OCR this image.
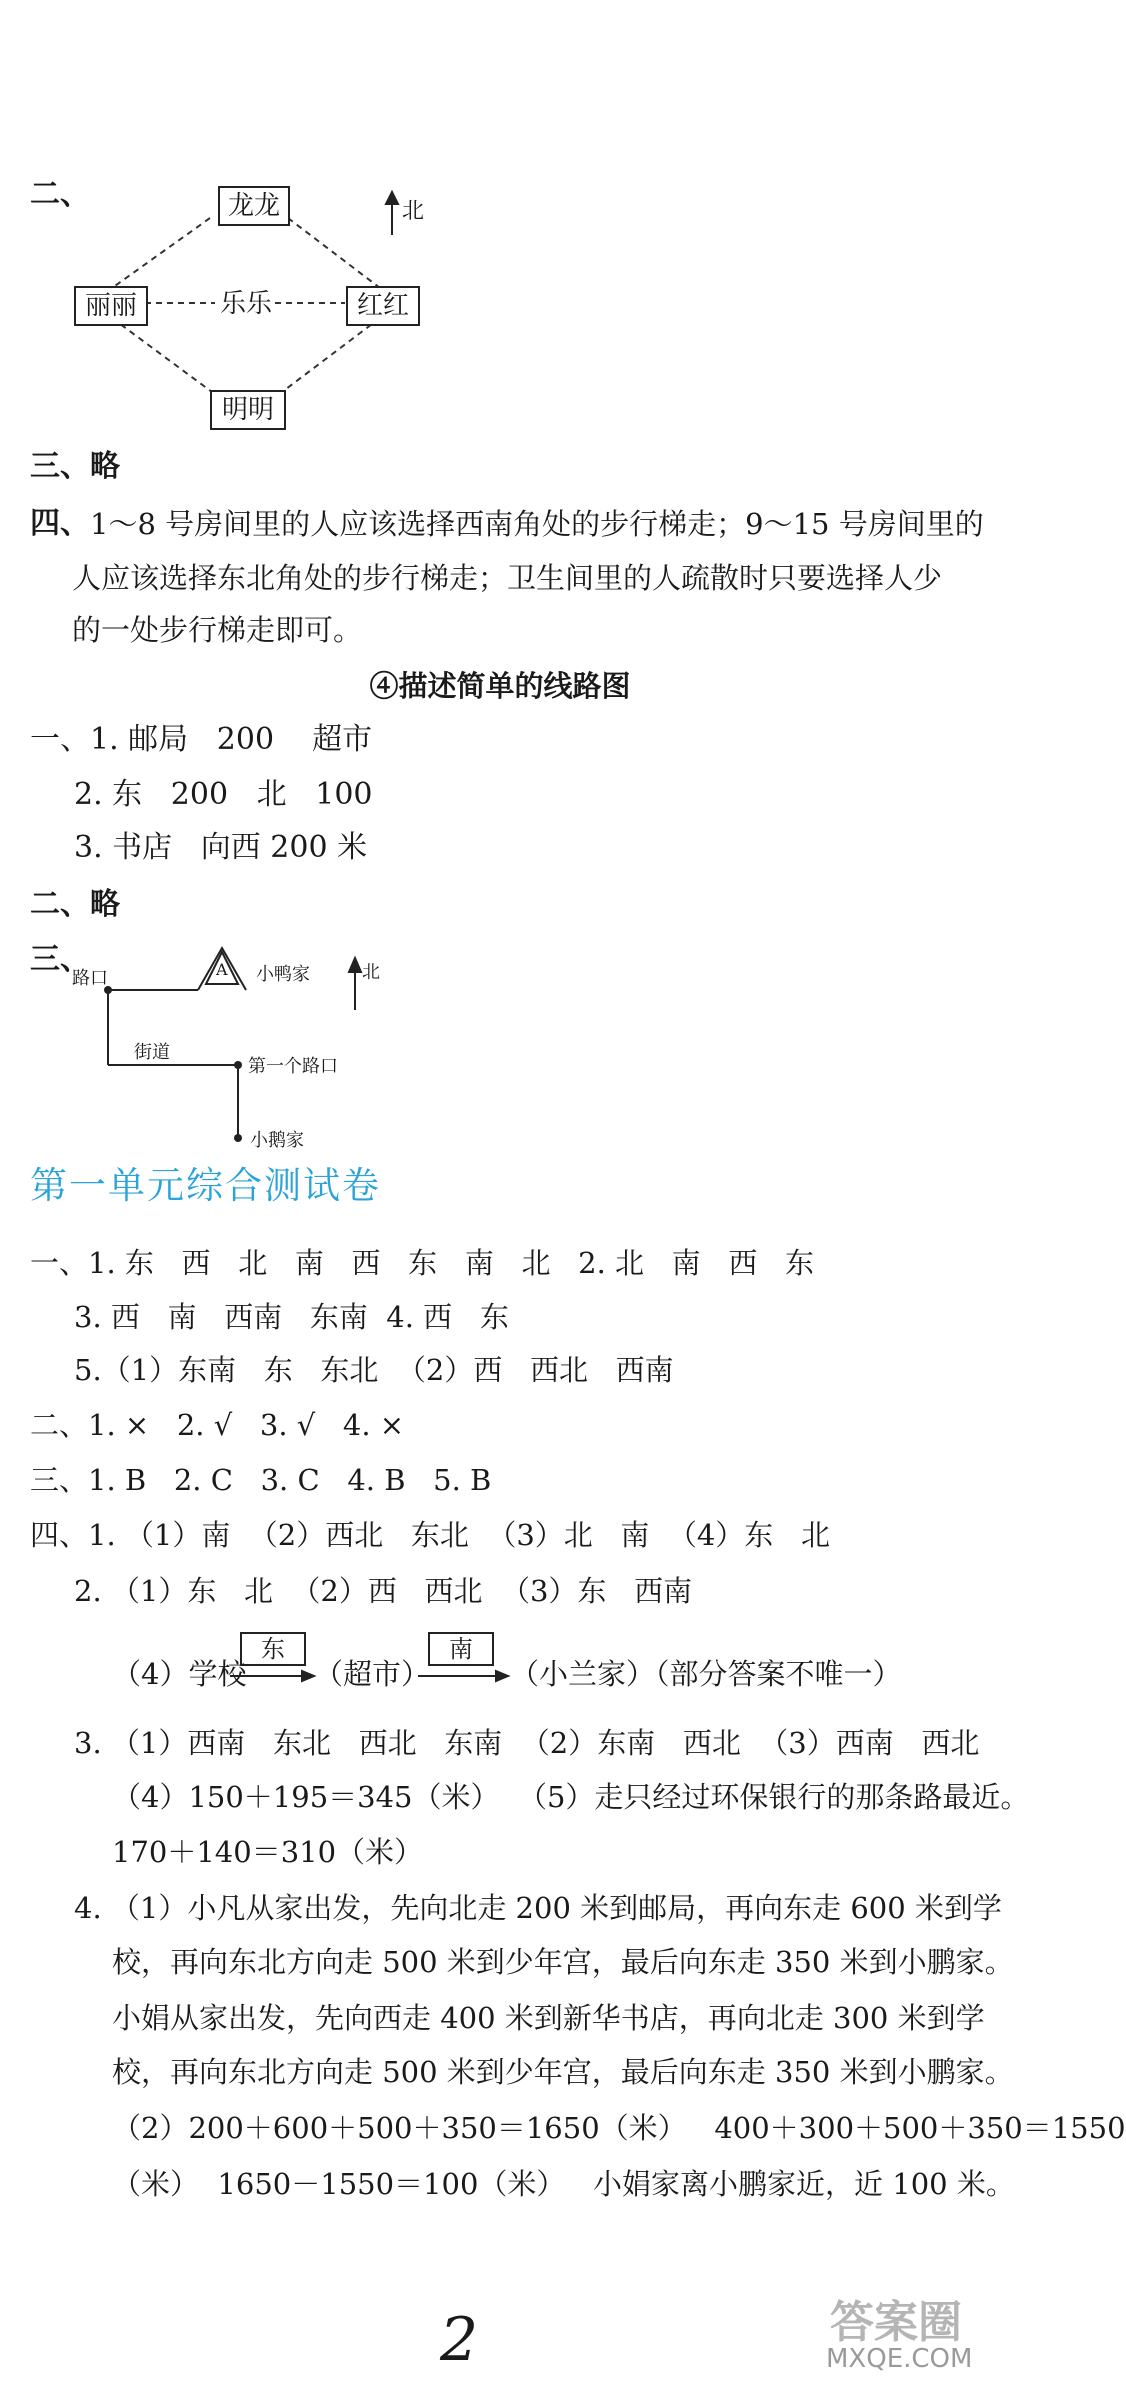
二、	龙龙
丽丽	乐乐	红红
明明
北
三、略
四、 1～8 号房间里的人应该选择西南角处的步行梯走；9～15 号房间里的
人应该选择东北角处的步行梯走；卫生间里的人疏散时只要选择人少
的一处步行梯走即可。
④描述简单的线路图
一、1. 邮局   200    超市
2. 东   200   北   100
3. 书店   向西 200 米
二、略
三、
路口	A 小鸭家	北
街道
第一个路口
小鹅家
第一单元综合测试卷
一、1. 东   西   北   南   西   东   南   北   2. 北   南   西   东
3. 西   南   西南   东南  4. 西   东
5.（1）东南   东   东北  （2）西   西北   西南
二、1. ×   2. √   3. √   4. ×
三、1. B   2. C   3. C   4. B   5. B
四、1. （1）南  （2）西北   东北  （3）北   南  （4）东   北
2. （1）东   北  （2）西   西北  （3）东   西南
（4）学校
东
（超市）
南
（小兰家）（部分答案不唯一）
3. （1）西南   东北   西北   东南  （2）东南   西北  （3）西南   西北
（4）150＋195＝345（米）  （5）走只经过环保银行的那条路最近。
170＋140＝310（米）
4. （1）小凡从家出发，先向北走 200 米到邮局，再向东走 600 米到学
校，再向东北方向走 500 米到少年宫，最后向东走 350 米到小鹏家。
小娟从家出发，先向西走 400 米到新华书店，再向北走 300 米到学
校，再向东北方向走 500 米到少年宫，最后向东走 350 米到小鹏家。
（2）200＋600＋500＋350＝1650（米）   400＋300＋500＋350＝1550
（米）  1650－1550＝100（米）   小娟家离小鹏家近，近 100 米。
2	答案圈
MXQE.COM
